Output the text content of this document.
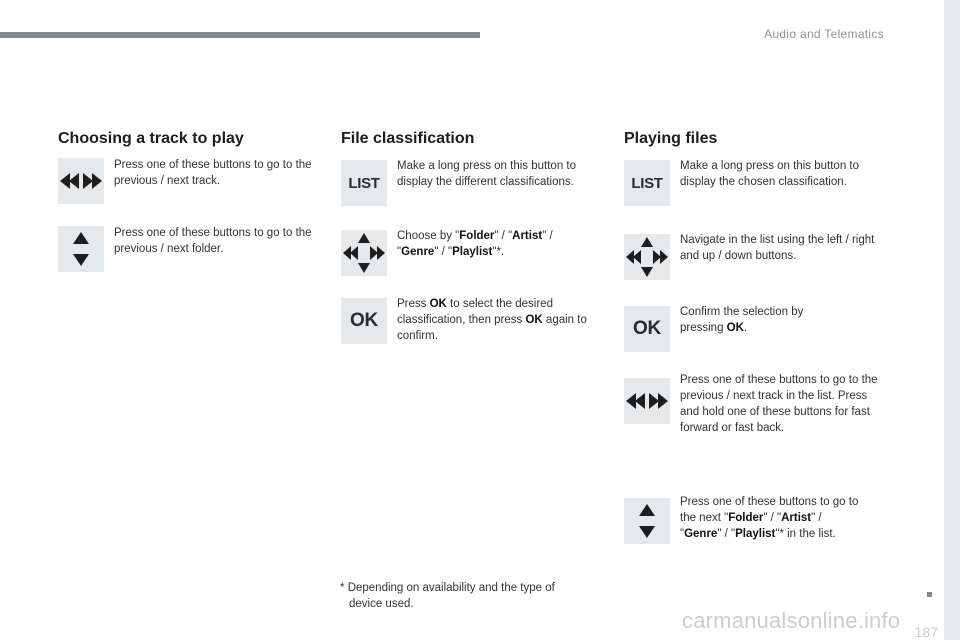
Audio and Telematics
187
carmanualsonline.info
Choosing a track to play
Press one of these buttons to go to the previous / next track.
Press one of these buttons to go to the previous / next folder.
File classification
LIST
Make a long press on this button to display the different classifications.
Choose by "Folder" / "Artist" / "Genre" / "Playlist"*.
OK
Press OK to select the desired classification, then press OK again to confirm.
Playing files
LIST
Make a long press on this button to display the chosen classification.
Navigate in the list using the left / right and up / down buttons.
OK
Confirm the selection by pressing OK.
Press one of these buttons to go to the previous / next track in the list. Press and hold one of these buttons for fast forward or fast back.
Press one of these buttons to go to the next "Folder" / "Artist" / "Genre" / "Playlist"* in the list.
* Depending on availability and the type of
device used.
